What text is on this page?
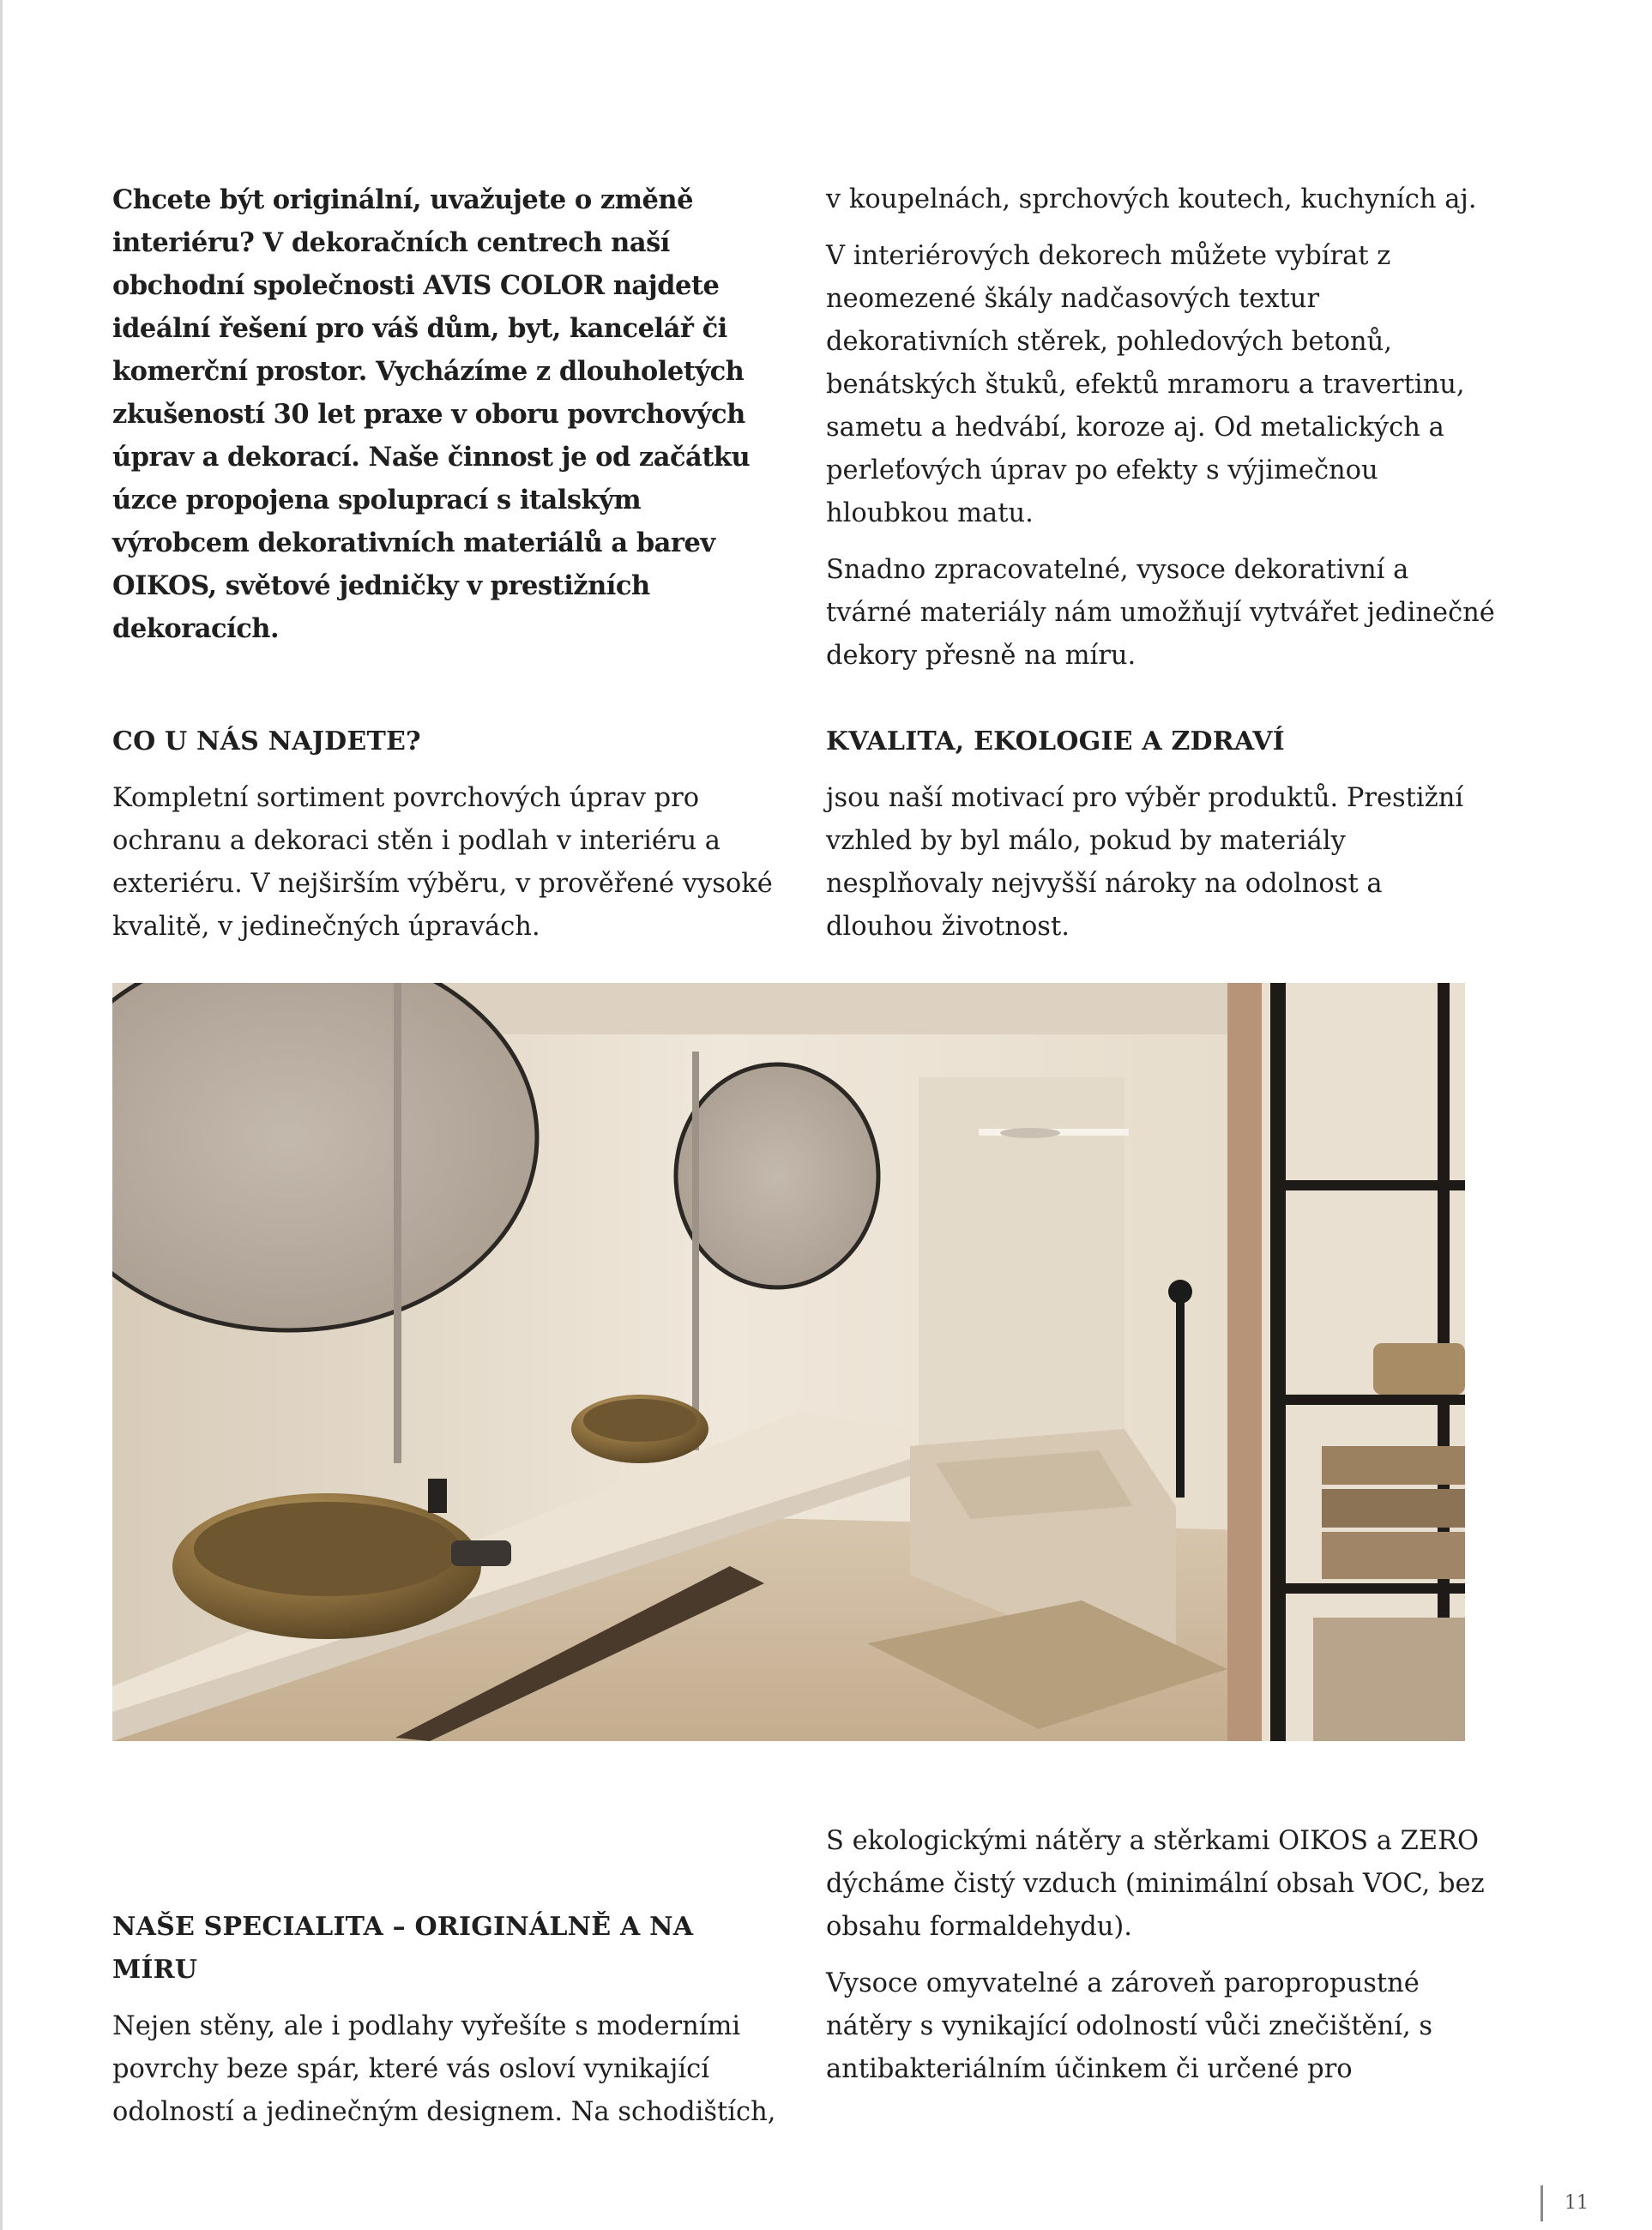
Chcete být originální, uvažujete o změně interiéru? V dekoračních centrech naší obchodní společnosti AVIS COLOR najdete ideální řešení pro váš dům, byt, kancelář či komerční prostor. Vycházíme z dlouholetých zkušeností 30 let praxe v oboru povrchových úprav a dekorací. Naše činnost je od začátku úzce propojena spoluprací s italským výrobcem dekorativních materiálů a barev OIKOS, světové jedničky v prestižních dekoracích.

CO U NÁS NAJDETE?

Kompletní sortiment povrchových úprav pro ochranu a dekoraci stěn i podlah v interiéru a exteriéru. V nejširším výběru, v prověřené vysoké kvalitě, v jedinečných úpravách.

v koupelnách, sprchových koutech, kuchyních aj.

V interiérových dekorech můžete vybírat z neomezené škály nadčasových textur dekorativních stěrek, pohledových betonů, benátských štuků, efektů mramoru a travertinu, sametu a hedvábí, koroze aj. Od metalických a perleťových úprav po efekty s výjimečnou hloubkou matu.

Snadno zpracovatelné, vysoce dekorativní a tvárné materiály nám umožňují vytvářet jedinečné dekory přesně na míru.

KVALITA, EKOLOGIE A ZDRAVÍ

jsou naší motivací pro výběr produktů. Prestižní vzhled by byl málo, pokud by materiály nesplňovaly nejvyšší nároky na odolnost a dlouhou životnost.

NAŠE SPECIALITA – ORIGINÁLNĚ A NA MÍRU

Nejen stěny, ale i podlahy vyřešíte s moderními povrchy beze spár, které vás osloví vynikající odolností a jedinečným designem. Na schodištích,

S ekologickými nátěry a stěrkami OIKOS a ZERO dýcháme čistý vzduch (minimální obsah VOC, bez obsahu formaldehydu).

Vysoce omyvatelné a zároveň paropropustné nátěry s vynikající odolností vůči znečištění, s antibakteriálním účinkem či určené pro

11
